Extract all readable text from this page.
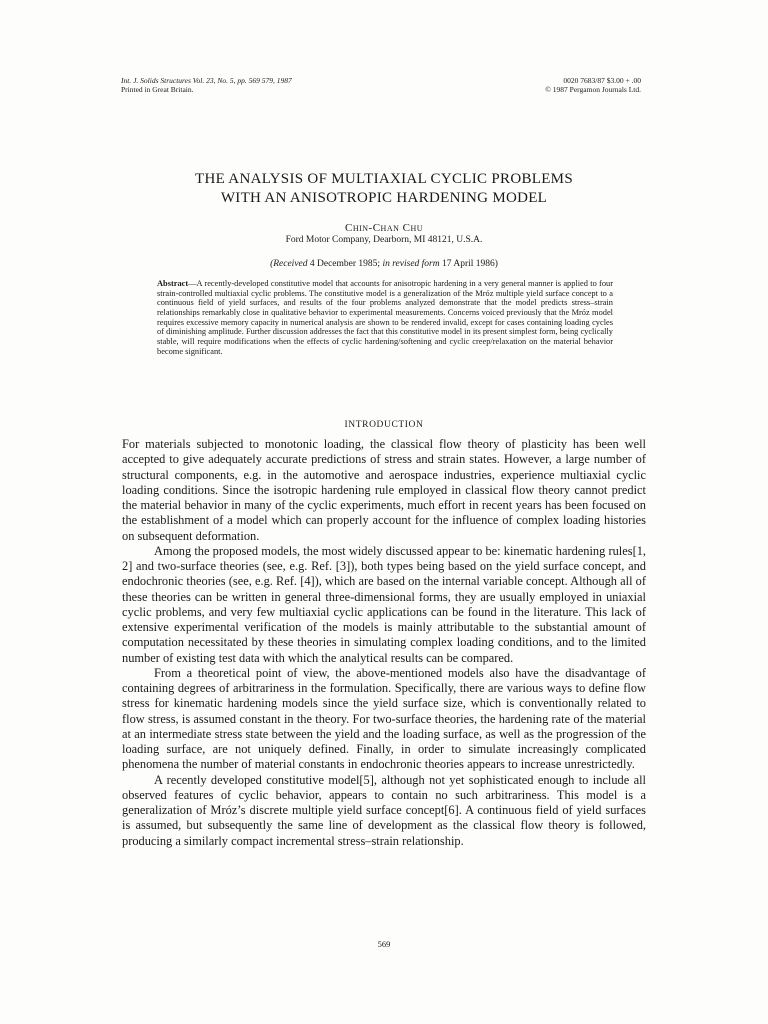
Int. J. Solids Structures Vol. 23, No. 5, pp. 569 579, 1987
Printed in Great Britain.
0020 7683/87 $3.00 + .00
© 1987 Pergamon Journals Ltd.
THE ANALYSIS OF MULTIAXIAL CYCLIC PROBLEMS
WITH AN ANISOTROPIC HARDENING MODEL
Chin-Chan Chu
Ford Motor Company, Dearborn, MI 48121, U.S.A.
(Received 4 December 1985; in revised form 17 April 1986)
Abstract—A recently-developed constitutive model that accounts for anisotropic hardening in a very general manner is applied to four strain-controlled multiaxial cyclic problems. The constitutive model is a generalization of the Mróz multiple yield surface concept to a continuous field of yield surfaces, and results of the four problems analyzed demonstrate that the model predicts stress–strain relationships remarkably close in qualitative behavior to experimental measurements. Concerns voiced previously that the Mróz model requires excessive memory capacity in numerical analysis are shown to be rendered invalid, except for cases containing loading cycles of diminishing amplitude. Further discussion addresses the fact that this constitutive model in its present simplest form, being cyclically stable, will require modifications when the effects of cyclic hardening/softening and cyclic creep/relaxation on the material behavior become significant.
INTRODUCTION

For materials subjected to monotonic loading, the classical flow theory of plasticity has been well accepted to give adequately accurate predictions of stress and strain states. However, a large number of structural components, e.g. in the automotive and aerospace industries, experience multiaxial cyclic loading conditions. Since the isotropic hardening rule employed in classical flow theory cannot predict the material behavior in many of the cyclic experiments, much effort in recent years has been focused on the establishment of a model which can properly account for the influence of complex loading histories on subsequent deformation.

Among the proposed models, the most widely discussed appear to be: kinematic hardening rules[1, 2] and two-surface theories (see, e.g. Ref. [3]), both types being based on the yield surface concept, and endochronic theories (see, e.g. Ref. [4]), which are based on the internal variable concept. Although all of these theories can be written in general three-dimensional forms, they are usually employed in uniaxial cyclic problems, and very few multiaxial cyclic applications can be found in the literature. This lack of extensive experimental verification of the models is mainly attributable to the substantial amount of computation necessitated by these theories in simulating complex loading conditions, and to the limited number of existing test data with which the analytical results can be compared.

From a theoretical point of view, the above-mentioned models also have the disadvantage of containing degrees of arbitrariness in the formulation. Specifically, there are various ways to define flow stress for kinematic hardening models since the yield surface size, which is conventionally related to flow stress, is assumed constant in the theory. For two-surface theories, the hardening rate of the material at an intermediate stress state between the yield and the loading surface, as well as the progression of the loading surface, are not uniquely defined. Finally, in order to simulate increasingly complicated phenomena the number of material constants in endochronic theories appears to increase unrestrictedly.

A recently developed constitutive model[5], although not yet sophisticated enough to include all observed features of cyclic behavior, appears to contain no such arbitrariness. This model is a generalization of Mróz’s discrete multiple yield surface concept[6]. A continuous field of yield surfaces is assumed, but subsequently the same line of development as the classical flow theory is followed, producing a similarly compact incremental stress–strain relationship.

569
